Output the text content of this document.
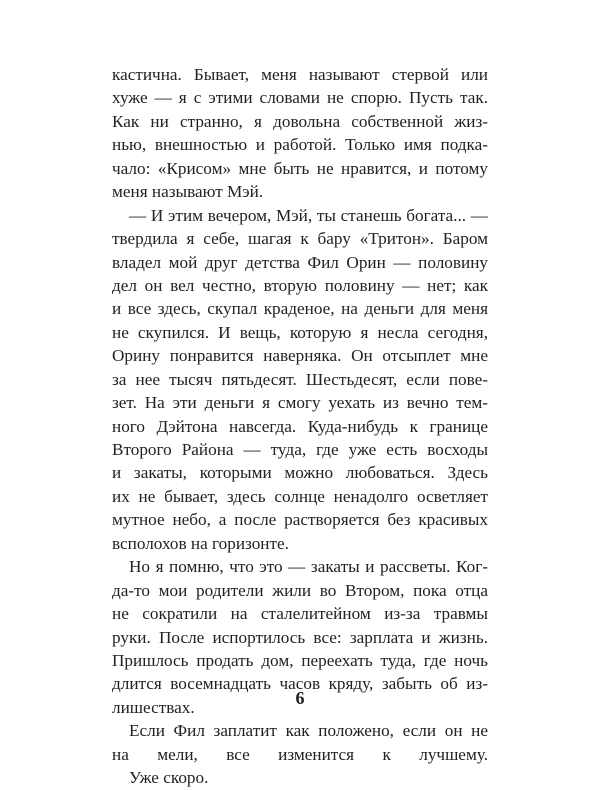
кастична. Бывает, меня называют стервой или
хуже — я с этими словами не спорю. Пусть так.
Как ни странно, я довольна собственной жиз-
нью, внешностью и работой. Только имя подка-
чало: «Крисом» мне быть не нравится, и потому
меня называют Мэй.
— И этим вечером, Мэй, ты станешь богата... —
твердила я себе, шагая к бару «Тритон». Баром
владел мой друг детства Фил Орин — половину
дел он вел честно, вторую половину — нет; как
и все здесь, скупал краденое, на деньги для меня
не скупился. И вещь, которую я несла сегодня,
Орину понравится наверняка. Он отсыплет мне
за нее тысяч пятьдесят. Шестьдесят, если пове-
зет. На эти деньги я смогу уехать из вечно тем-
ного Дэйтона навсегда. Куда-нибудь к границе
Второго Района — туда, где уже есть восходы
и закаты, которыми можно любоваться. Здесь
их не бывает, здесь солнце ненадолго осветляет
мутное небо, а после растворяется без красивых
всполохов на горизонте.
Но я помню, что это — закаты и рассветы. Ког-
да-то мои родители жили во Втором, пока отца
не сократили на сталелитейном из-за травмы
руки. После испортилось все: зарплата и жизнь.
Пришлось продать дом, переехать туда, где ночь
длится восемнадцать часов кряду, забыть об из-
лишествах.
Если Фил заплатит как положено, если он не
на мели, все изменится к лучшему.
Уже скоро.
6
